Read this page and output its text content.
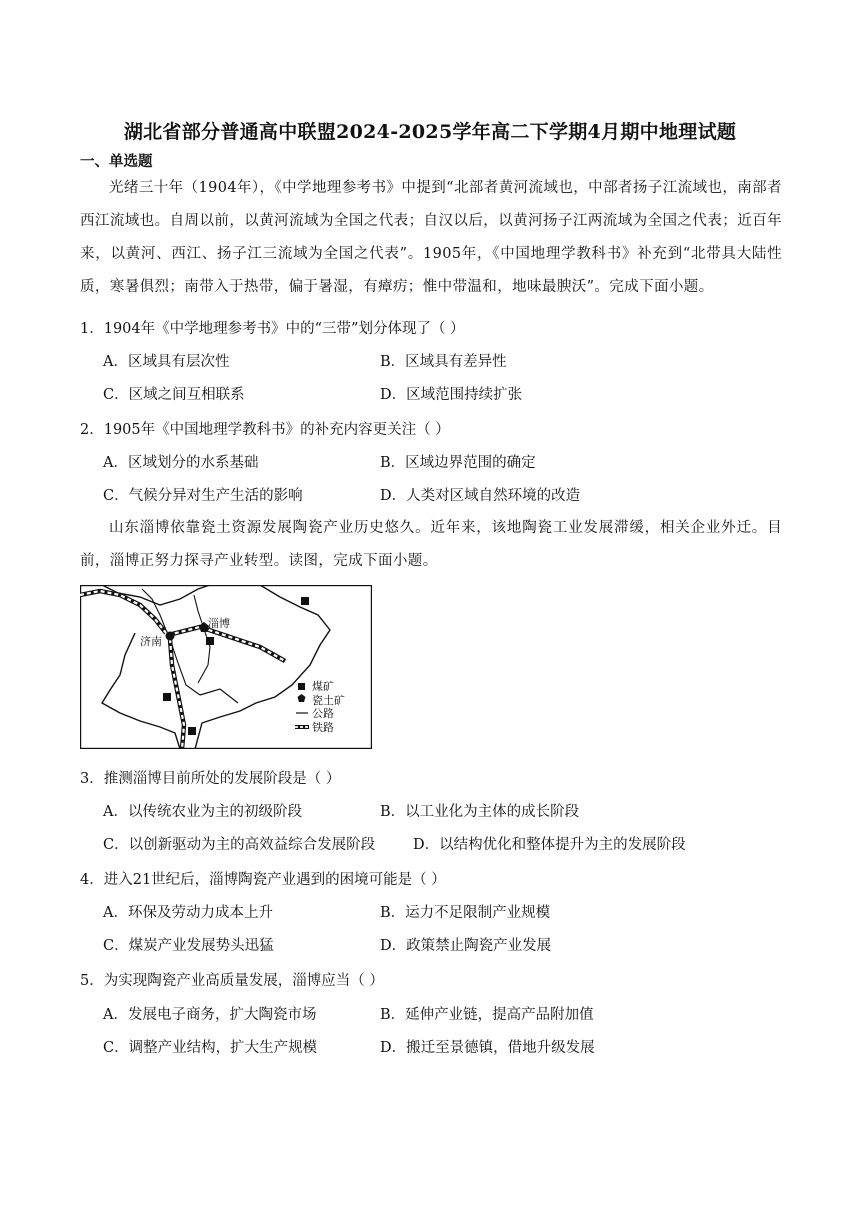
湖北省部分普通高中联盟2024-2025学年高二下学期4月期中地理试题
一、单选题
光绪三十年（1904年），《中学地理参考书》中提到“北部者黄河流域也，中部者扬子江流域也，南部者西江流域也。自周以前，以黄河流域为全国之代表；自汉以后，以黄河扬子江两流域为全国之代表；近百年来，以黄河、西江、扬子江三流域为全国之代表”。1905年，《中国地理学教科书》补充到“北带具大陆性质，寒暑俱烈；南带入于热带，偏于暑湿，有瘴疠；惟中带温和，地味最腴沃”。完成下面小题。
1．1904年《中学地理参考书》中的“三带”划分体现了（ ）
A．区域具有层次性	B．区域具有差异性
C．区域之间互相联系	D．区域范围持续扩张
2．1905年《中国地理学教科书》的补充内容更关注（ ）
A．区域划分的水系基础	B．区域边界范围的确定
C．气候分异对生产生活的影响	D．人类对区域自然环境的改造
山东淄博依靠瓷土资源发展陶瓷产业历史悠久。近年来，该地陶瓷工业发展滞缓，相关企业外迁。目前，淄博正努力探寻产业转型。读图，完成下面小题。
济南
淄博
煤矿
瓷土矿
公路
铁路
3．推测淄博目前所处的发展阶段是（ ）
A．以传统农业为主的初级阶段	B．以工业化为主体的成长阶段
C．以创新驱动为主的高效益综合发展阶段	D．以结构优化和整体提升为主的发展阶段
4．进入21世纪后，淄博陶瓷产业遇到的困境可能是（ ）
A．环保及劳动力成本上升	B．运力不足限制产业规模
C．煤炭产业发展势头迅猛	D．政策禁止陶瓷产业发展
5．为实现陶瓷产业高质量发展，淄博应当（ ）
A．发展电子商务，扩大陶瓷市场	B．延伸产业链，提高产品附加值
C．调整产业结构，扩大生产规模	D．搬迁至景德镇，借地升级发展
